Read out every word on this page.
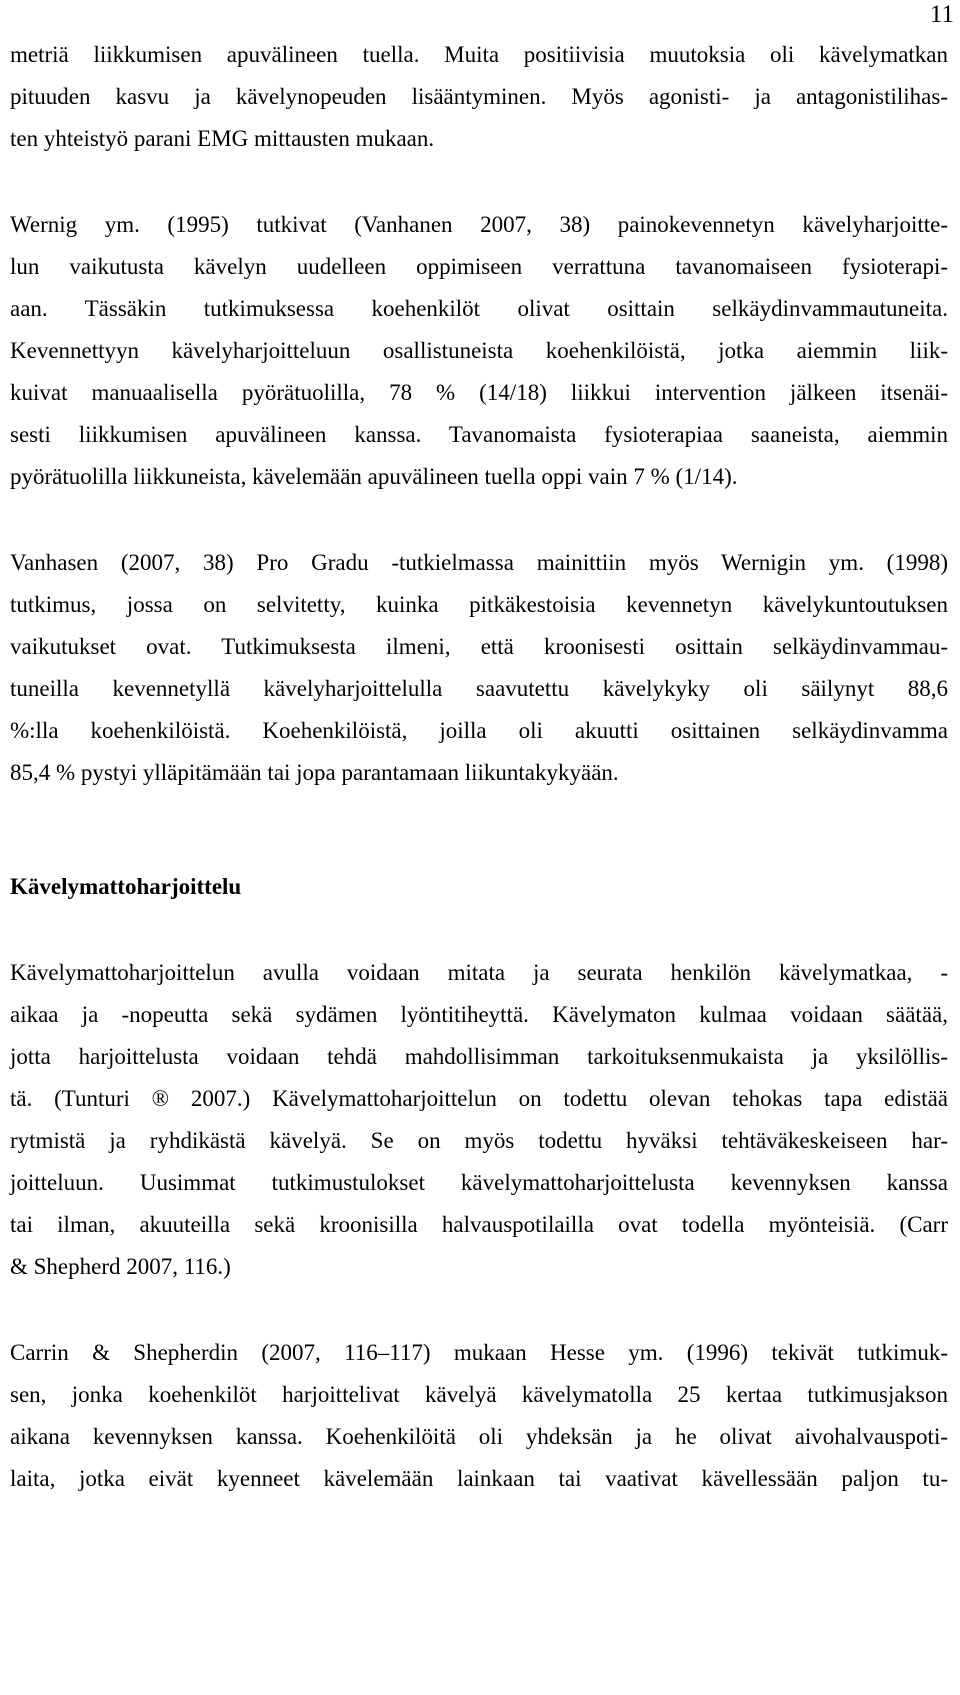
11
metriä liikkumisen apuvälineen tuella. Muita positiivisia muutoksia oli kävelymatkan
pituuden kasvu ja kävelynopeuden lisääntyminen. Myös agonisti- ja antagonistilihas-
ten yhteistyö parani EMG mittausten mukaan.
Wernig ym. (1995) tutkivat (Vanhanen 2007, 38) painokevennetyn kävelyharjoitte-
lun vaikutusta kävelyn uudelleen oppimiseen verrattuna tavanomaiseen fysioterapi-
aan. Tässäkin tutkimuksessa koehenkilöt olivat osittain selkäydinvammautuneita.
Kevennettyyn kävelyharjoitteluun osallistuneista koehenkilöistä, jotka aiemmin liik-
kuivat manuaalisella pyörätuolilla, 78 % (14/18) liikkui intervention jälkeen itsenäi-
sesti liikkumisen apuvälineen kanssa. Tavanomaista fysioterapiaa saaneista, aiemmin
pyörätuolilla liikkuneista, kävelemään apuvälineen tuella oppi vain 7 % (1/14).
Vanhasen (2007, 38) Pro Gradu -tutkielmassa mainittiin myös Wernigin ym. (1998)
tutkimus, jossa on selvitetty, kuinka pitkäkestoisia kevennetyn kävelykuntoutuksen
vaikutukset ovat. Tutkimuksesta ilmeni, että kroonisesti osittain selkäydinvammau-
tuneilla kevennetyllä kävelyharjoittelulla saavutettu kävelykyky oli säilynyt 88,6
%:lla koehenkilöistä. Koehenkilöistä, joilla oli akuutti osittainen selkäydinvamma
85,4 % pystyi ylläpitämään tai jopa parantamaan liikuntakykyään.
Kävelymattoharjoittelu
Kävelymattoharjoittelun avulla voidaan mitata ja seurata henkilön kävelymatkaa, -
aikaa ja -nopeutta sekä sydämen lyöntitiheyttä. Kävelymaton kulmaa voidaan säätää,
jotta harjoittelusta voidaan tehdä mahdollisimman tarkoituksenmukaista ja yksilöllis-
tä. (Tunturi ® 2007.) Kävelymattoharjoittelun on todettu olevan tehokas tapa edistää
rytmistä ja ryhdikästä kävelyä. Se on myös todettu hyväksi tehtäväkeskeiseen har-
joitteluun. Uusimmat tutkimustulokset kävelymattoharjoittelusta kevennyksen kanssa
tai ilman, akuuteilla sekä kroonisilla halvauspotilailla ovat todella myönteisiä. (Carr
& Shepherd 2007, 116.)
Carrin & Shepherdin (2007, 116–117) mukaan Hesse ym. (1996) tekivät tutkimuk-
sen, jonka koehenkilöt harjoittelivat kävelyä kävelymatolla 25 kertaa tutkimusjakson
aikana kevennyksen kanssa. Koehenkilöitä oli yhdeksän ja he olivat aivohalvauspoti-
laita, jotka eivät kyenneet kävelemään lainkaan tai vaativat kävellessään paljon tu-
